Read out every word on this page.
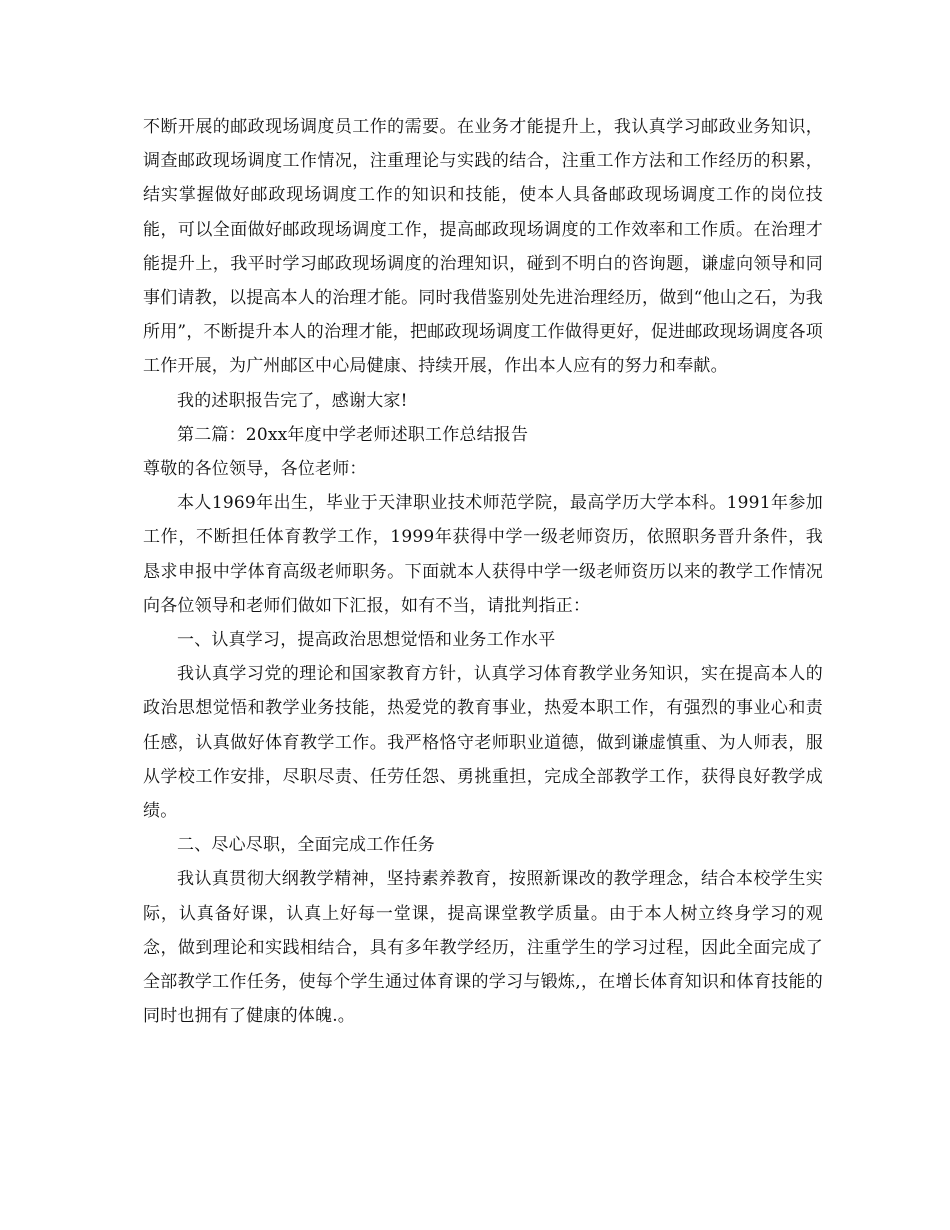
不断开展的邮政现场调度员工作的需要。在业务才能提升上，我认真学习邮政业务知识，调查邮政现场调度工作情况，注重理论与实践的结合，注重工作方法和工作经历的积累，结实掌握做好邮政现场调度工作的知识和技能，使本人具备邮政现场调度工作的岗位技能，可以全面做好邮政现场调度工作，提高邮政现场调度的工作效率和工作质。在治理才能提升上，我平时学习邮政现场调度的治理知识，碰到不明白的咨询题，谦虚向领导和同事们请教，以提高本人的治理才能。同时我借鉴别处先进治理经历，做到“他山之石，为我所用”，不断提升本人的治理才能，把邮政现场调度工作做得更好，促进邮政现场调度各项工作开展，为广州邮区中心局健康、持续开展，作出本人应有的努力和奉献。

我的述职报告完了，感谢大家!

第二篇：20xx年度中学老师述职工作总结报告

尊敬的各位领导，各位老师：

本人1969年出生，毕业于天津职业技术师范学院，最高学历大学本科。1991年参加工作，不断担任体育教学工作，1999年获得中学一级老师资历，依照职务晋升条件，我恳求申报中学体育高级老师职务。下面就本人获得中学一级老师资历以来的教学工作情况向各位领导和老师们做如下汇报，如有不当，请批判指正：

一、认真学习，提高政治思想觉悟和业务工作水平

我认真学习党的理论和国家教育方针，认真学习体育教学业务知识，实在提高本人的政治思想觉悟和教学业务技能，热爱党的教育事业，热爱本职工作，有强烈的事业心和责任感，认真做好体育教学工作。我严格恪守老师职业道德，做到谦虚慎重、为人师表，服从学校工作安排，尽职尽责、任劳任怨、勇挑重担，完成全部教学工作，获得良好教学成绩。

二、尽心尽职，全面完成工作任务

我认真贯彻大纲教学精神，坚持素养教育，按照新课改的教学理念，结合本校学生实际，认真备好课，认真上好每一堂课，提高课堂教学质量。由于本人树立终身学习的观念，做到理论和实践相结合，具有多年教学经历，注重学生的学习过程，因此全面完成了全部教学工作任务，使每个学生通过体育课的学习与锻炼,，在增长体育知识和体育技能的同时也拥有了健康的体魄.。
